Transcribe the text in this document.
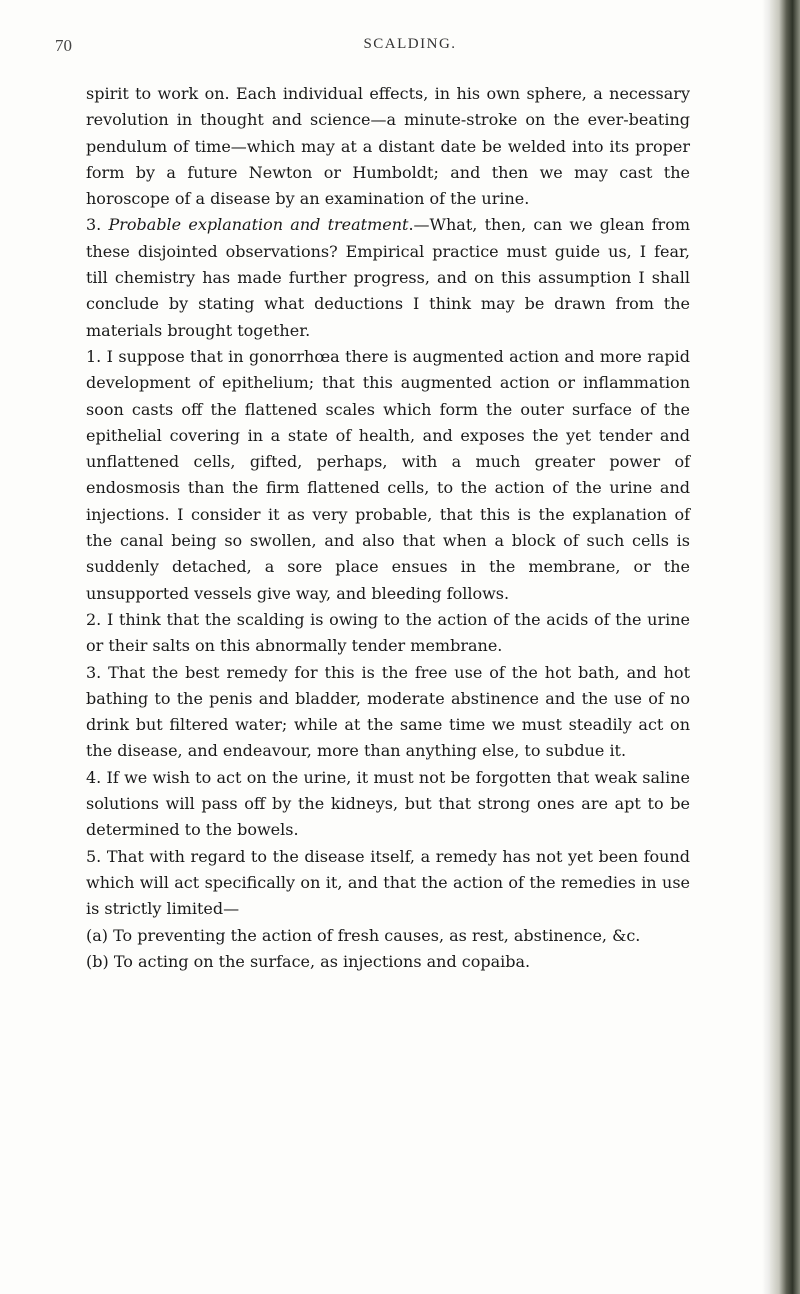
70	SCALDING.

spirit to work on. Each individual effects, in his own sphere, a necessary revolution in thought and science—a minute-stroke on the ever-beating pendulum of time—which may at a distant date be welded into its proper form by a future Newton or Humboldt; and then we may cast the horoscope of a disease by an examination of the urine.

3. Probable explanation and treatment.—What, then, can we glean from these disjointed observations? Empirical practice must guide us, I fear, till chemistry has made further progress, and on this assumption I shall conclude by stating what deductions I think may be drawn from the materials brought together.

1. I suppose that in gonorrhœa there is augmented action and more rapid development of epithelium; that this augmented action or inflammation soon casts off the flattened scales which form the outer surface of the epithelial covering in a state of health, and exposes the yet tender and unflattened cells, gifted, perhaps, with a much greater power of endosmosis than the firm flattened cells, to the action of the urine and injections. I consider it as very probable, that this is the explanation of the canal being so swollen, and also that when a block of such cells is suddenly detached, a sore place ensues in the membrane, or the unsupported vessels give way, and bleeding follows.

2. I think that the scalding is owing to the action of the acids of the urine or their salts on this abnormally tender membrane.

3. That the best remedy for this is the free use of the hot bath, and hot bathing to the penis and bladder, moderate abstinence and the use of no drink but filtered water; while at the same time we must steadily act on the disease, and endeavour, more than anything else, to subdue it.

4. If we wish to act on the urine, it must not be forgotten that weak saline solutions will pass off by the kidneys, but that strong ones are apt to be determined to the bowels.

5. That with regard to the disease itself, a remedy has not yet been found which will act specifically on it, and that the action of the remedies in use is strictly limited—

(a) To preventing the action of fresh causes, as rest, abstinence, &c.

(b) To acting on the surface, as injections and copaiba.
